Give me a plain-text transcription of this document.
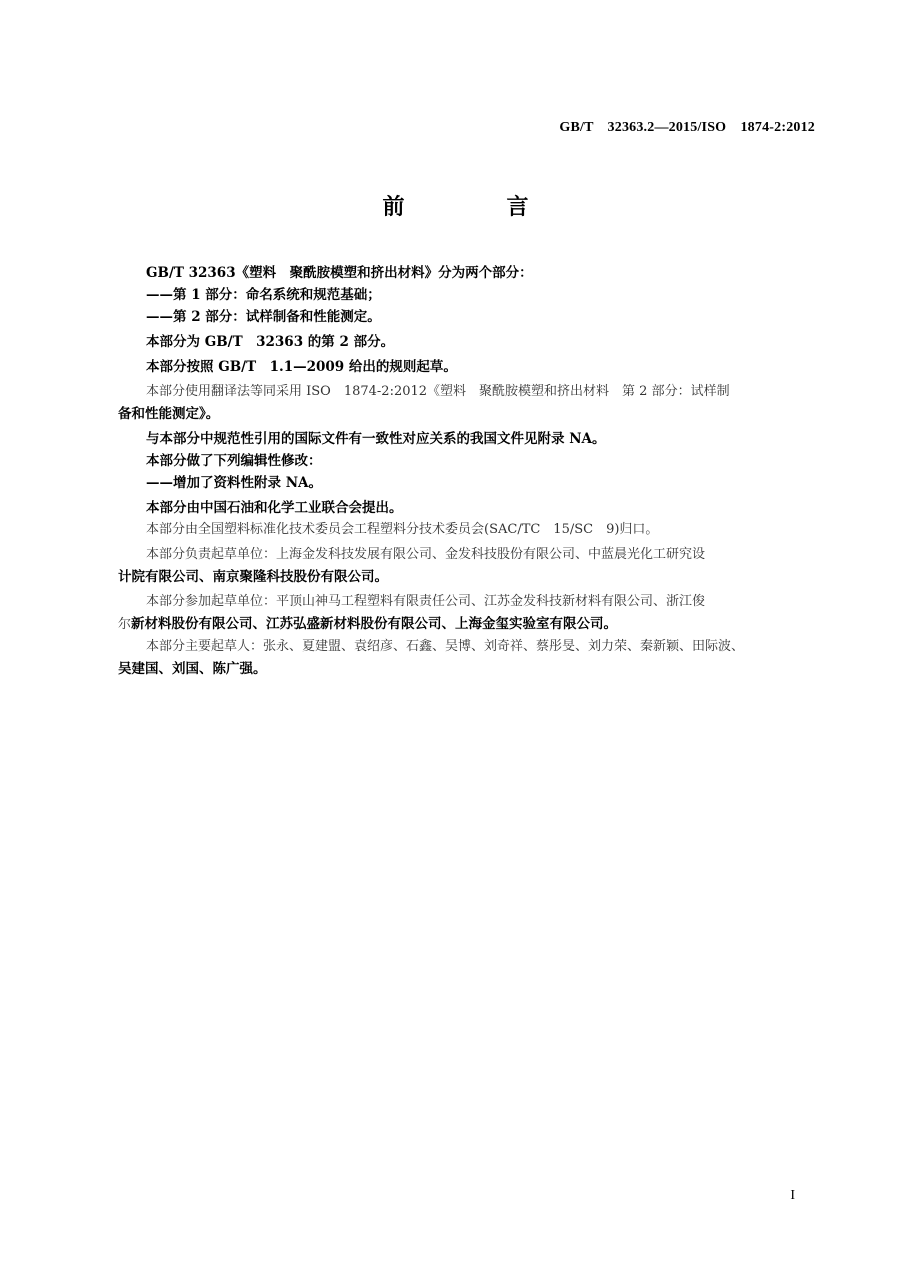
GB/T　32363.2—2015/ISO　1874-2:2012
前　言

GB/T 32363《塑料　聚酰胺模塑和挤出材料》分为两个部分：

——第 1 部分：命名系统和规范基础；

——第 2 部分：试样制备和性能测定。

本部分为 GB/T　32363 的第 2 部分。

本部分按照 GB/T　1.1—2009 给出的规则起草。

本部分使用翻译法等同采用 ISO　1874-2:2012《塑料　聚酰胺模塑和挤出材料　第 2 部分：试样制

备和性能测定》。

与本部分中规范性引用的国际文件有一致性对应关系的我国文件见附录 NA。

本部分做了下列编辑性修改：

——增加了资料性附录 NA。

本部分由中国石油和化学工业联合会提出。

本部分由全国塑料标准化技术委员会工程塑料分技术委员会(SAC/TC　15/SC　9)归口。

本部分负责起草单位：上海金发科技发展有限公司、金发科技股份有限公司、中蓝晨光化工研究设

计院有限公司、南京聚隆科技股份有限公司。

本部分参加起草单位：平顶山神马工程塑料有限责任公司、江苏金发科技新材料有限公司、浙江俊

尔新材料股份有限公司、江苏弘盛新材料股份有限公司、上海金玺实验室有限公司。

本部分主要起草人：张永、夏建盟、袁绍彦、石鑫、吴博、刘奇祥、蔡彤旻、刘力荣、秦新颖、田际波、

吴建国、刘国、陈广强。

I
